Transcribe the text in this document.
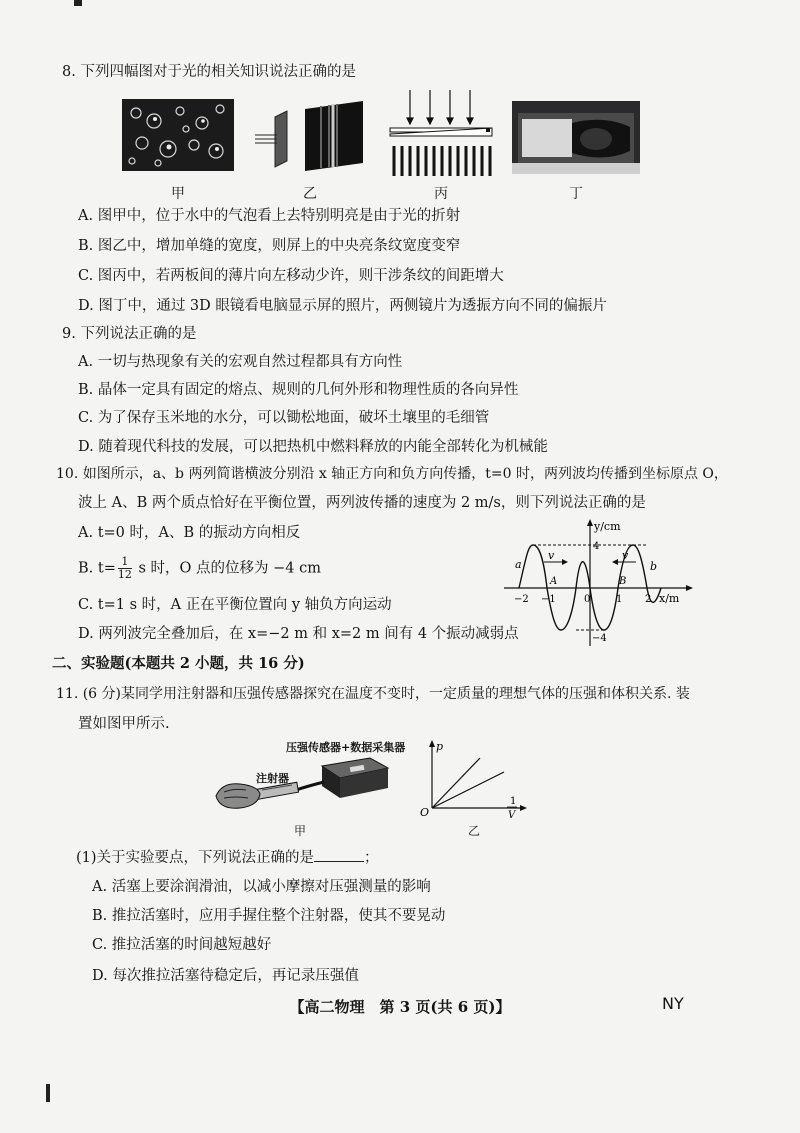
8. 下列四幅图对于光的相关知识说法正确的是
甲	乙	丙	丁
A. 图甲中，位于水中的气泡看上去特别明亮是由于光的折射
B. 图乙中，增加单缝的宽度，则屏上的中央亮条纹宽度变窄
C. 图丙中，若两板间的薄片向左移动少许，则干涉条纹的间距增大
D. 图丁中，通过 3D 眼镜看电脑显示屏的照片，两侧镜片为透振方向不同的偏振片
9. 下列说法正确的是
A. 一切与热现象有关的宏观自然过程都具有方向性
B. 晶体一定具有固定的熔点、规则的几何外形和物理性质的各向异性
C. 为了保存玉米地的水分，可以锄松地面，破坏土壤里的毛细管
D. 随着现代科技的发展，可以把热机中燃料释放的内能全部转化为机械能
10. 如图所示，a、b 两列简谐横波分别沿 x 轴正方向和负方向传播，t=0 时，两列波均传播到坐标原点 O，
波上 A、B 两个质点恰好在平衡位置，两列波传播的速度为 2 m/s，则下列说法正确的是
A. t=0 时，A、B 的振动方向相反
B. $t= \frac{1}{12}$ s 时，O 点的位移为 −4 cm
C. t=1 s 时，A 正在平衡位置向 y 轴负方向运动
D. 两列波完全叠加后，在 x=−2 m 和 x=2 m 间有 4 个振动减弱点
v	v
y/cm
x/m
4
−4
−2 −1	0	1 2
a	b
A	B
二、实验题(本题共 2 小题，共 16 分)
11. (6 分)某同学用注射器和压强传感器探究在温度不变时，一定质量的理想气体的压强和体积关系. 装
置如图甲所示.
压强传感器+数据采集器
注射器
甲
p
O
1
V
乙
(1)关于实验要点，下列说法正确的是	；
A. 活塞上要涂润滑油，以减小摩擦对压强测量的影响
B. 推拉活塞时，应用手握住整个注射器，使其不要晃动
C. 推拉活塞的时间越短越好
D. 每次推拉活塞待稳定后，再记录压强值
【高二物理　第 3 页(共 6 页)】	NY
